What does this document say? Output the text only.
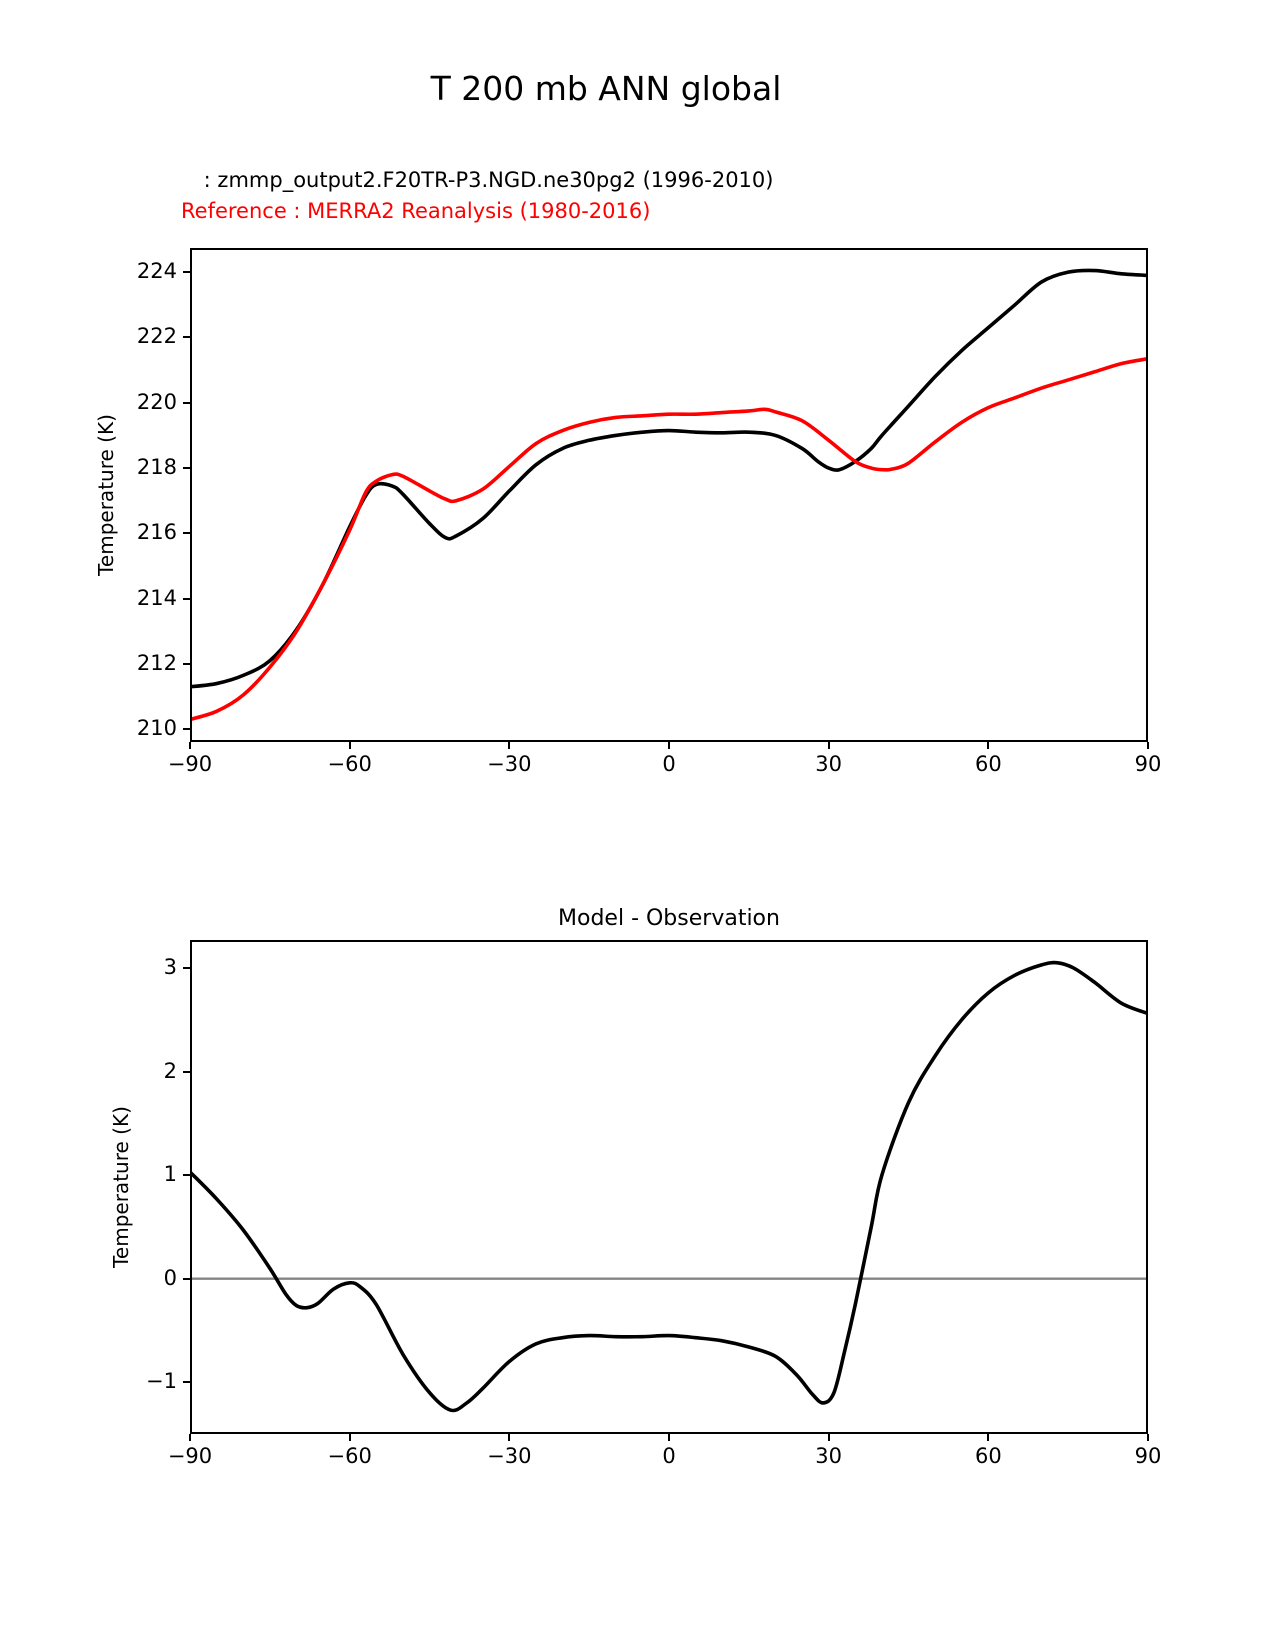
T 200 mb ANN global
: zmmp_output2.F20TR-P3.NGD.ne30pg2 (1996-2010)
Reference : MERRA2 Reanalysis (1980-2016)
Temperature (K)
−90	−60	−30	0	30	60	90
210
212
214
216
218
220
222
224
Model - Observation
Temperature (K)
−90	−60	−30	0	30	60	90
−1
0
1
2
3
